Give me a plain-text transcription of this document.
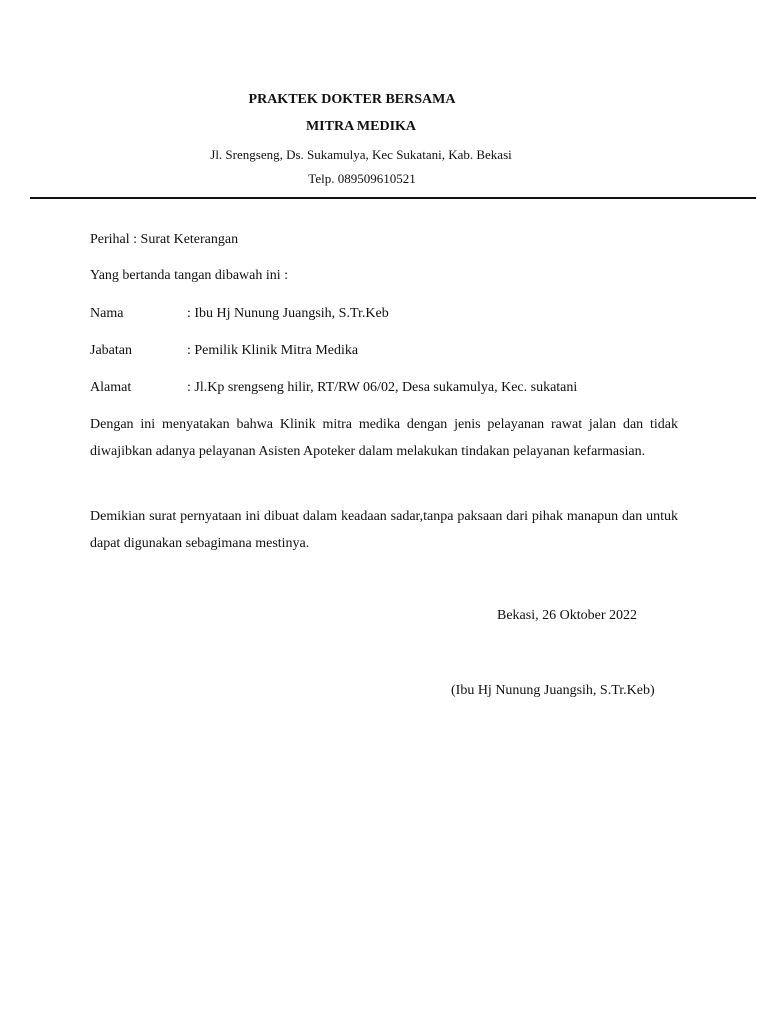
PRAKTEK DOKTER BERSAMA
MITRA MEDIKA
Jl. Srengseng, Ds. Sukamulya, Kec Sukatani, Kab. Bekasi
Telp. 089509610521
Perihal : Surat Keterangan
Yang bertanda tangan dibawah ini :
Nama	: Ibu Hj Nunung Juangsih, S.Tr.Keb
Jabatan	: Pemilik Klinik Mitra Medika
Alamat	: Jl.Kp srengseng hilir, RT/RW 06/02, Desa sukamulya, Kec. sukatani
Dengan ini menyatakan bahwa Klinik mitra medika dengan jenis pelayanan rawat jalan dan tidak diwajibkan adanya pelayanan Asisten Apoteker dalam melakukan tindakan pelayanan kefarmasian.
Demikian surat pernyataan ini dibuat dalam keadaan sadar,tanpa paksaan dari pihak manapun dan untuk dapat digunakan sebagimana mestinya.
Bekasi, 26 Oktober 2022
(Ibu Hj Nunung Juangsih, S.Tr.Keb)
